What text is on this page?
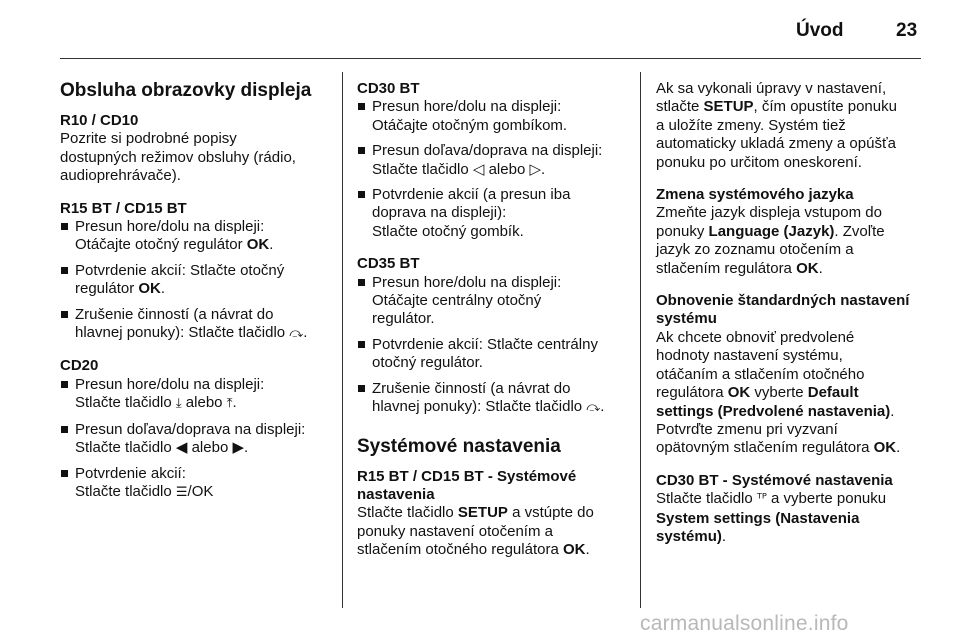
Úvod	23
Obsluha obrazovky displeja
R10 / CD10
Pozrite si podrobné popisy
dostupných režimov obsluhy (rádio,
audioprehrávače).
R15 BT / CD15 BT
Presun hore/dolu na displeji:
Otáčajte otočný regulátor OK.
Potvrdenie akcií: Stlačte otočný
regulátor OK.
Zrušenie činností (a návrat do
hlavnej ponuky): Stlačte tlačidlo ⤼.
CD20
Presun hore/dolu na displeji:
Stlačte tlačidlo ⤓ alebo ⤒.
Presun doľava/doprava na displeji:
Stlačte tlačidlo ◀ alebo ▶.
Potvrdenie akcií:
Stlačte tlačidlo ☰/OK
CD30 BT
Presun hore/dolu na displeji:
Otáčajte otočným gombíkom.
Presun doľava/doprava na displeji:
Stlačte tlačidlo ◁ alebo ▷.
Potvrdenie akcií (a presun iba
doprava na displeji):
Stlačte otočný gombík.
CD35 BT
Presun hore/dolu na displeji:
Otáčajte centrálny otočný
regulátor.
Potvrdenie akcií: Stlačte centrálny
otočný regulátor.
Zrušenie činností (a návrat do
hlavnej ponuky): Stlačte tlačidlo ⤼.
Systémové nastavenia
R15 BT / CD15 BT - Systémové
nastavenia
Stlačte tlačidlo SETUP a vstúpte do
ponuky nastavení otočením a
stlačením otočného regulátora OK.
Ak sa vykonali úpravy v nastavení,
stlačte SETUP, čím opustíte ponuku
a uložíte zmeny. Systém tiež
automaticky ukladá zmeny a opúšťa
ponuku po určitom oneskorení.
Zmena systémového jazyka
Zmeňte jazyk displeja vstupom do
ponuky Language (Jazyk). Zvoľte
jazyk zo zoznamu otočením a
stlačením regulátora OK.
Obnovenie štandardných nastavení
systému
Ak chcete obnoviť predvolené
hodnoty nastavení systému,
otáčaním a stlačením otočného
regulátora OK vyberte Default
settings (Predvolené nastavenia).
Potvrďte zmenu pri vyzvaní
opätovným stlačením regulátora OK.
CD30 BT - Systémové nastavenia
Stlačte tlačidlo ᵀᴾ a vyberte ponuku
System settings (Nastavenia
systému).
carmanualsonline.info
